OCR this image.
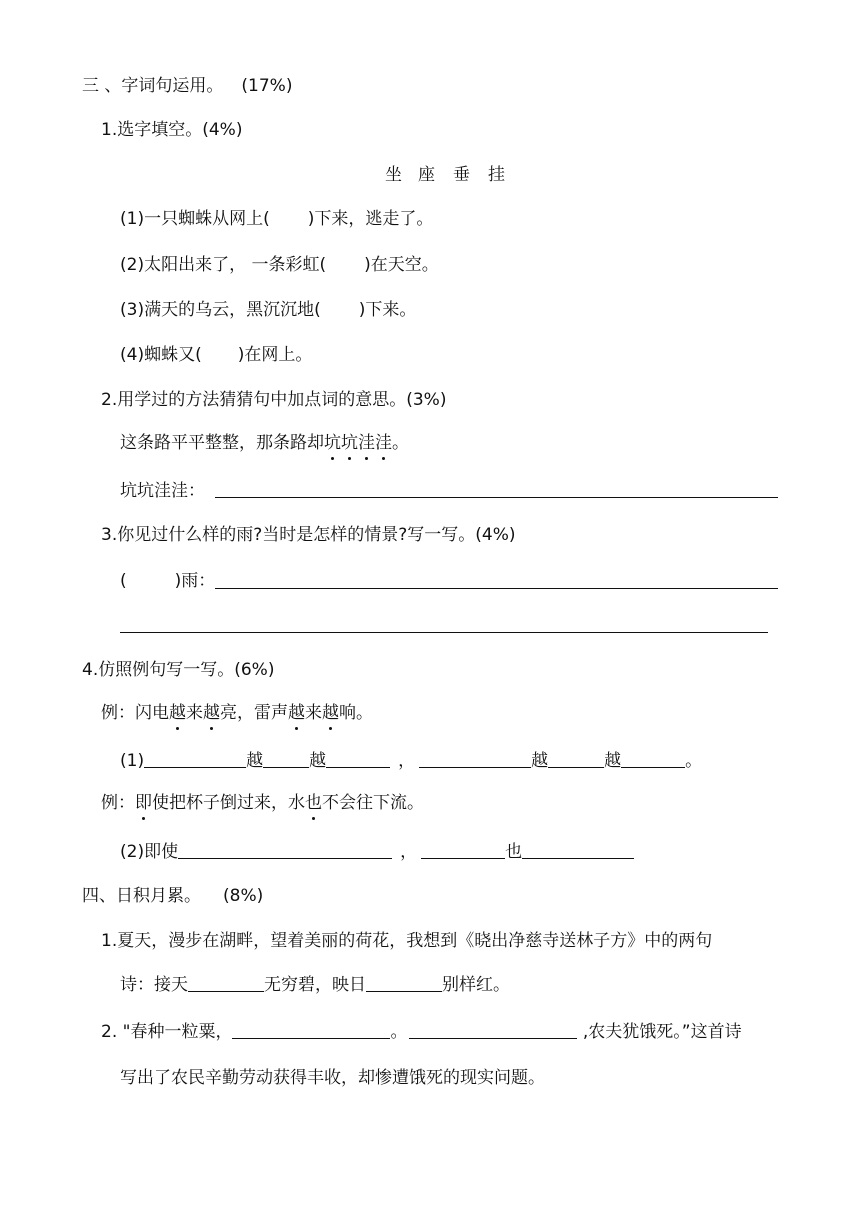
三 、字词句运用。 (17%)
1.选字填空。(4%)
坐 座 垂 挂
(1)一只蜘蛛从网上( )下来，逃走了。
(2)太阳出来了， 一条彩虹( )在天空。
(3)满天的乌云，黑沉沉地( )下来。
(4)蜘蛛又( )在网上。
2.用学过的方法猜猜句中加点词的意思。(3%)
这条路平平整整，那条路却坑坑洼洼。
坑坑洼洼：
3.你见过什么样的雨?当时是怎样的情景?写一写。(4%)
(	)雨：
4.仿照例句写一写。(6%)
例：闪电越来越亮，雷声越来越响。
(1)	越	越	，	越	越	。
例：即使把杯子倒过来，水也不会往下流。
(2)即使	，	也
四、日积月累。 (8%)
1.夏天，漫步在湖畔，望着美丽的荷花，我想到《晓出净慈寺送林子方》中的两句
诗：接天	无穷碧，映日	别样红。
2. "春种一粒粟，	。	,农夫犹饿死。”这首诗
写出了农民辛勤劳动获得丰收，却惨遭饿死的现实问题。
